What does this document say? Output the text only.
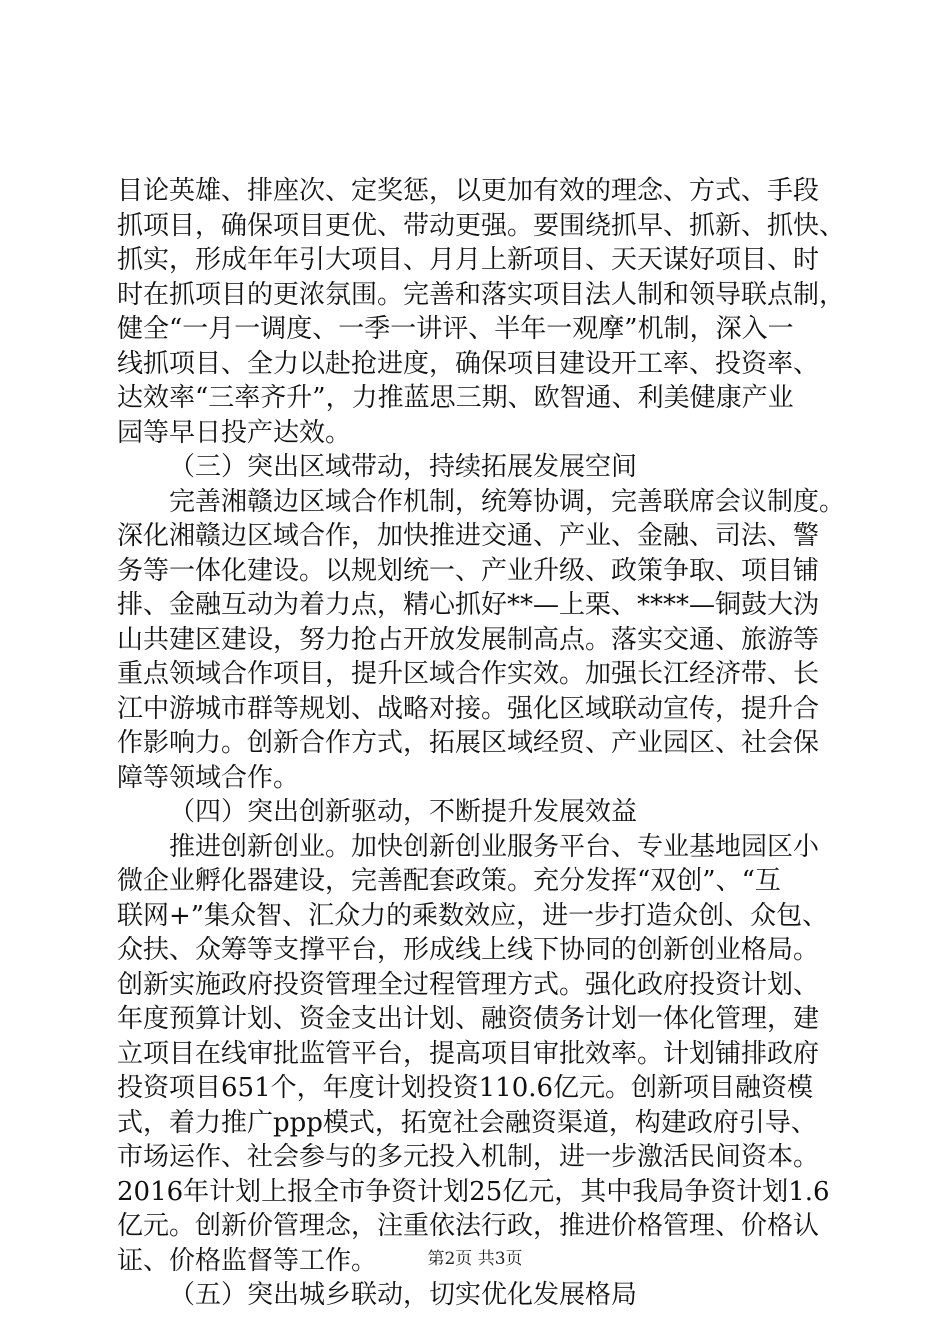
目论英雄、排座次、定奖惩，以更加有效的理念、方式、手段
抓项目，确保项目更优、带动更强。要围绕抓早、抓新、抓快、
抓实，形成年年引大项目、月月上新项目、天天谋好项目、时
时在抓项目的更浓氛围。完善和落实项目法人制和领导联点制，
健全“一月一调度、一季一讲评、半年一观摩”机制，深入一
线抓项目、全力以赴抢进度，确保项目建设开工率、投资率、
达效率“三率齐升”，力推蓝思三期、欧智通、利美健康产业
园等早日投产达效。
（三）突出区域带动，持续拓展发展空间
完善湘赣边区域合作机制，统筹协调，完善联席会议制度。
深化湘赣边区域合作，加快推进交通、产业、金融、司法、警
务等一体化建设。以规划统一、产业升级、政策争取、项目铺
排、金融互动为着力点，精心抓好**—上栗、****—铜鼓大沩
山共建区建设，努力抢占开放发展制高点。落实交通、旅游等
重点领域合作项目，提升区域合作实效。加强长江经济带、长
江中游城市群等规划、战略对接。强化区域联动宣传，提升合
作影响力。创新合作方式，拓展区域经贸、产业园区、社会保
障等领域合作。
（四）突出创新驱动，不断提升发展效益
推进创新创业。加快创新创业服务平台、专业基地园区小
微企业孵化器建设，完善配套政策。充分发挥“双创”、“互
联网+”集众智、汇众力的乘数效应，进一步打造众创、众包、
众扶、众筹等支撑平台，形成线上线下协同的创新创业格局。
创新实施政府投资管理全过程管理方式。强化政府投资计划、
年度预算计划、资金支出计划、融资债务计划一体化管理，建
立项目在线审批监管平台，提高项目审批效率。计划铺排政府
投资项目651个，年度计划投资110.6亿元。创新项目融资模
式，着力推广ppp模式，拓宽社会融资渠道，构建政府引导、
市场运作、社会参与的多元投入机制，进一步激活民间资本。
2016年计划上报全市争资计划25亿元，其中我局争资计划1.6
亿元。创新价管理念，注重依法行政，推进价格管理、价格认
证、价格监督等工作。
（五）突出城乡联动，切实优化发展格局
第2页 共3页
